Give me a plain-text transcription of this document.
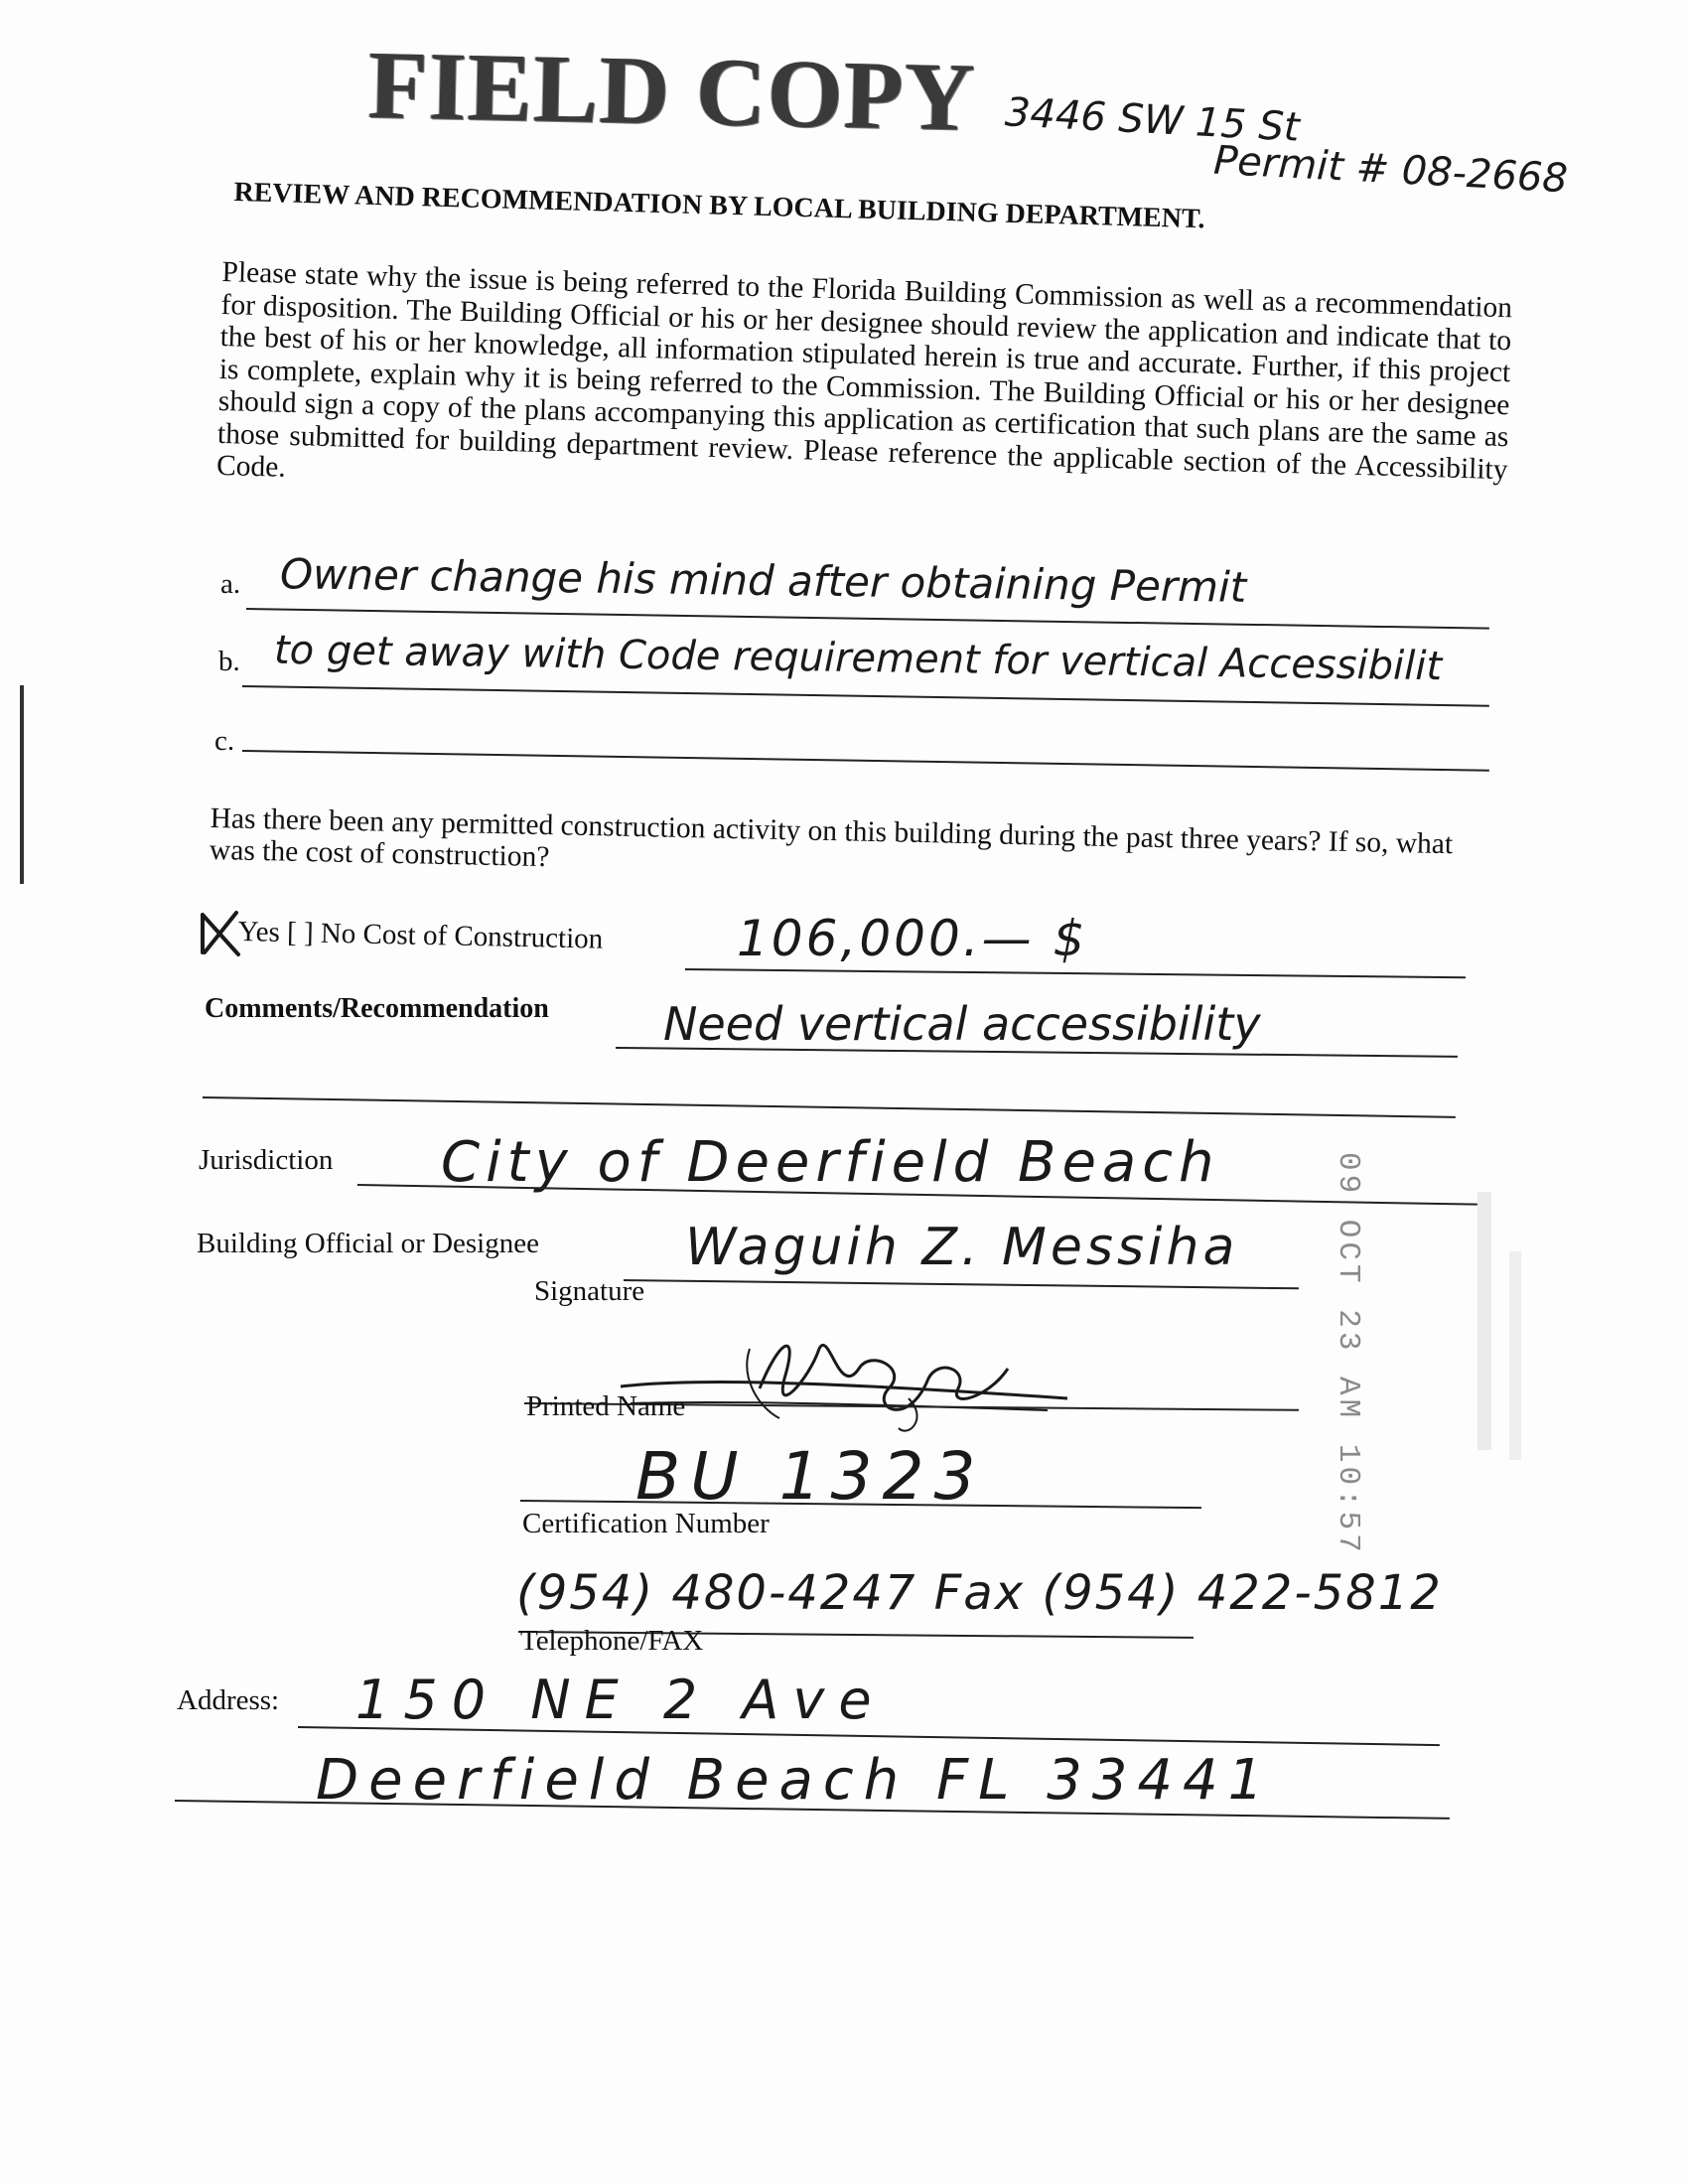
FIELD COPY 3446 SW 15 St
Permit # 08-2668
REVIEW AND RECOMMENDATION BY LOCAL BUILDING DEPARTMENT.
Please state why the issue is being referred to the Florida Building Commission as well as a recommendation for disposition. The Building Official or his or her designee should review the application and indicate that to the best of his or her knowledge, all information stipulated herein is true and accurate. Further, if this project is complete, explain why it is being referred to the Commission. The Building Official or his or her designee should sign a copy of the plans accompanying this application as certification that such plans are the same as those submitted for building department review. Please reference the applicable section of the Accessibility Code.
a. Owner change his mind after obtaining Permit
b. to get away with Code requirement for vertical Accessibilit
c.
Has there been any permitted construction activity on this building during the past three years? If so, what was the cost of construction?
Yes [ ] No Cost of Construction	106,000.— $
Comments/Recommendation	Need vertical accessibility
Jurisdiction City of Deerfield Beach
Building Official or Designee	Waguih Z. Messiha
Signature
Printed Name
BU 1323
Certification Number
(954) 480-4247 Fax (954) 422-5812
Telephone/FAX
Address: 150 NE 2 Ave
Deerfield Beach FL 33441
09 OCT 23 AM 10:57
